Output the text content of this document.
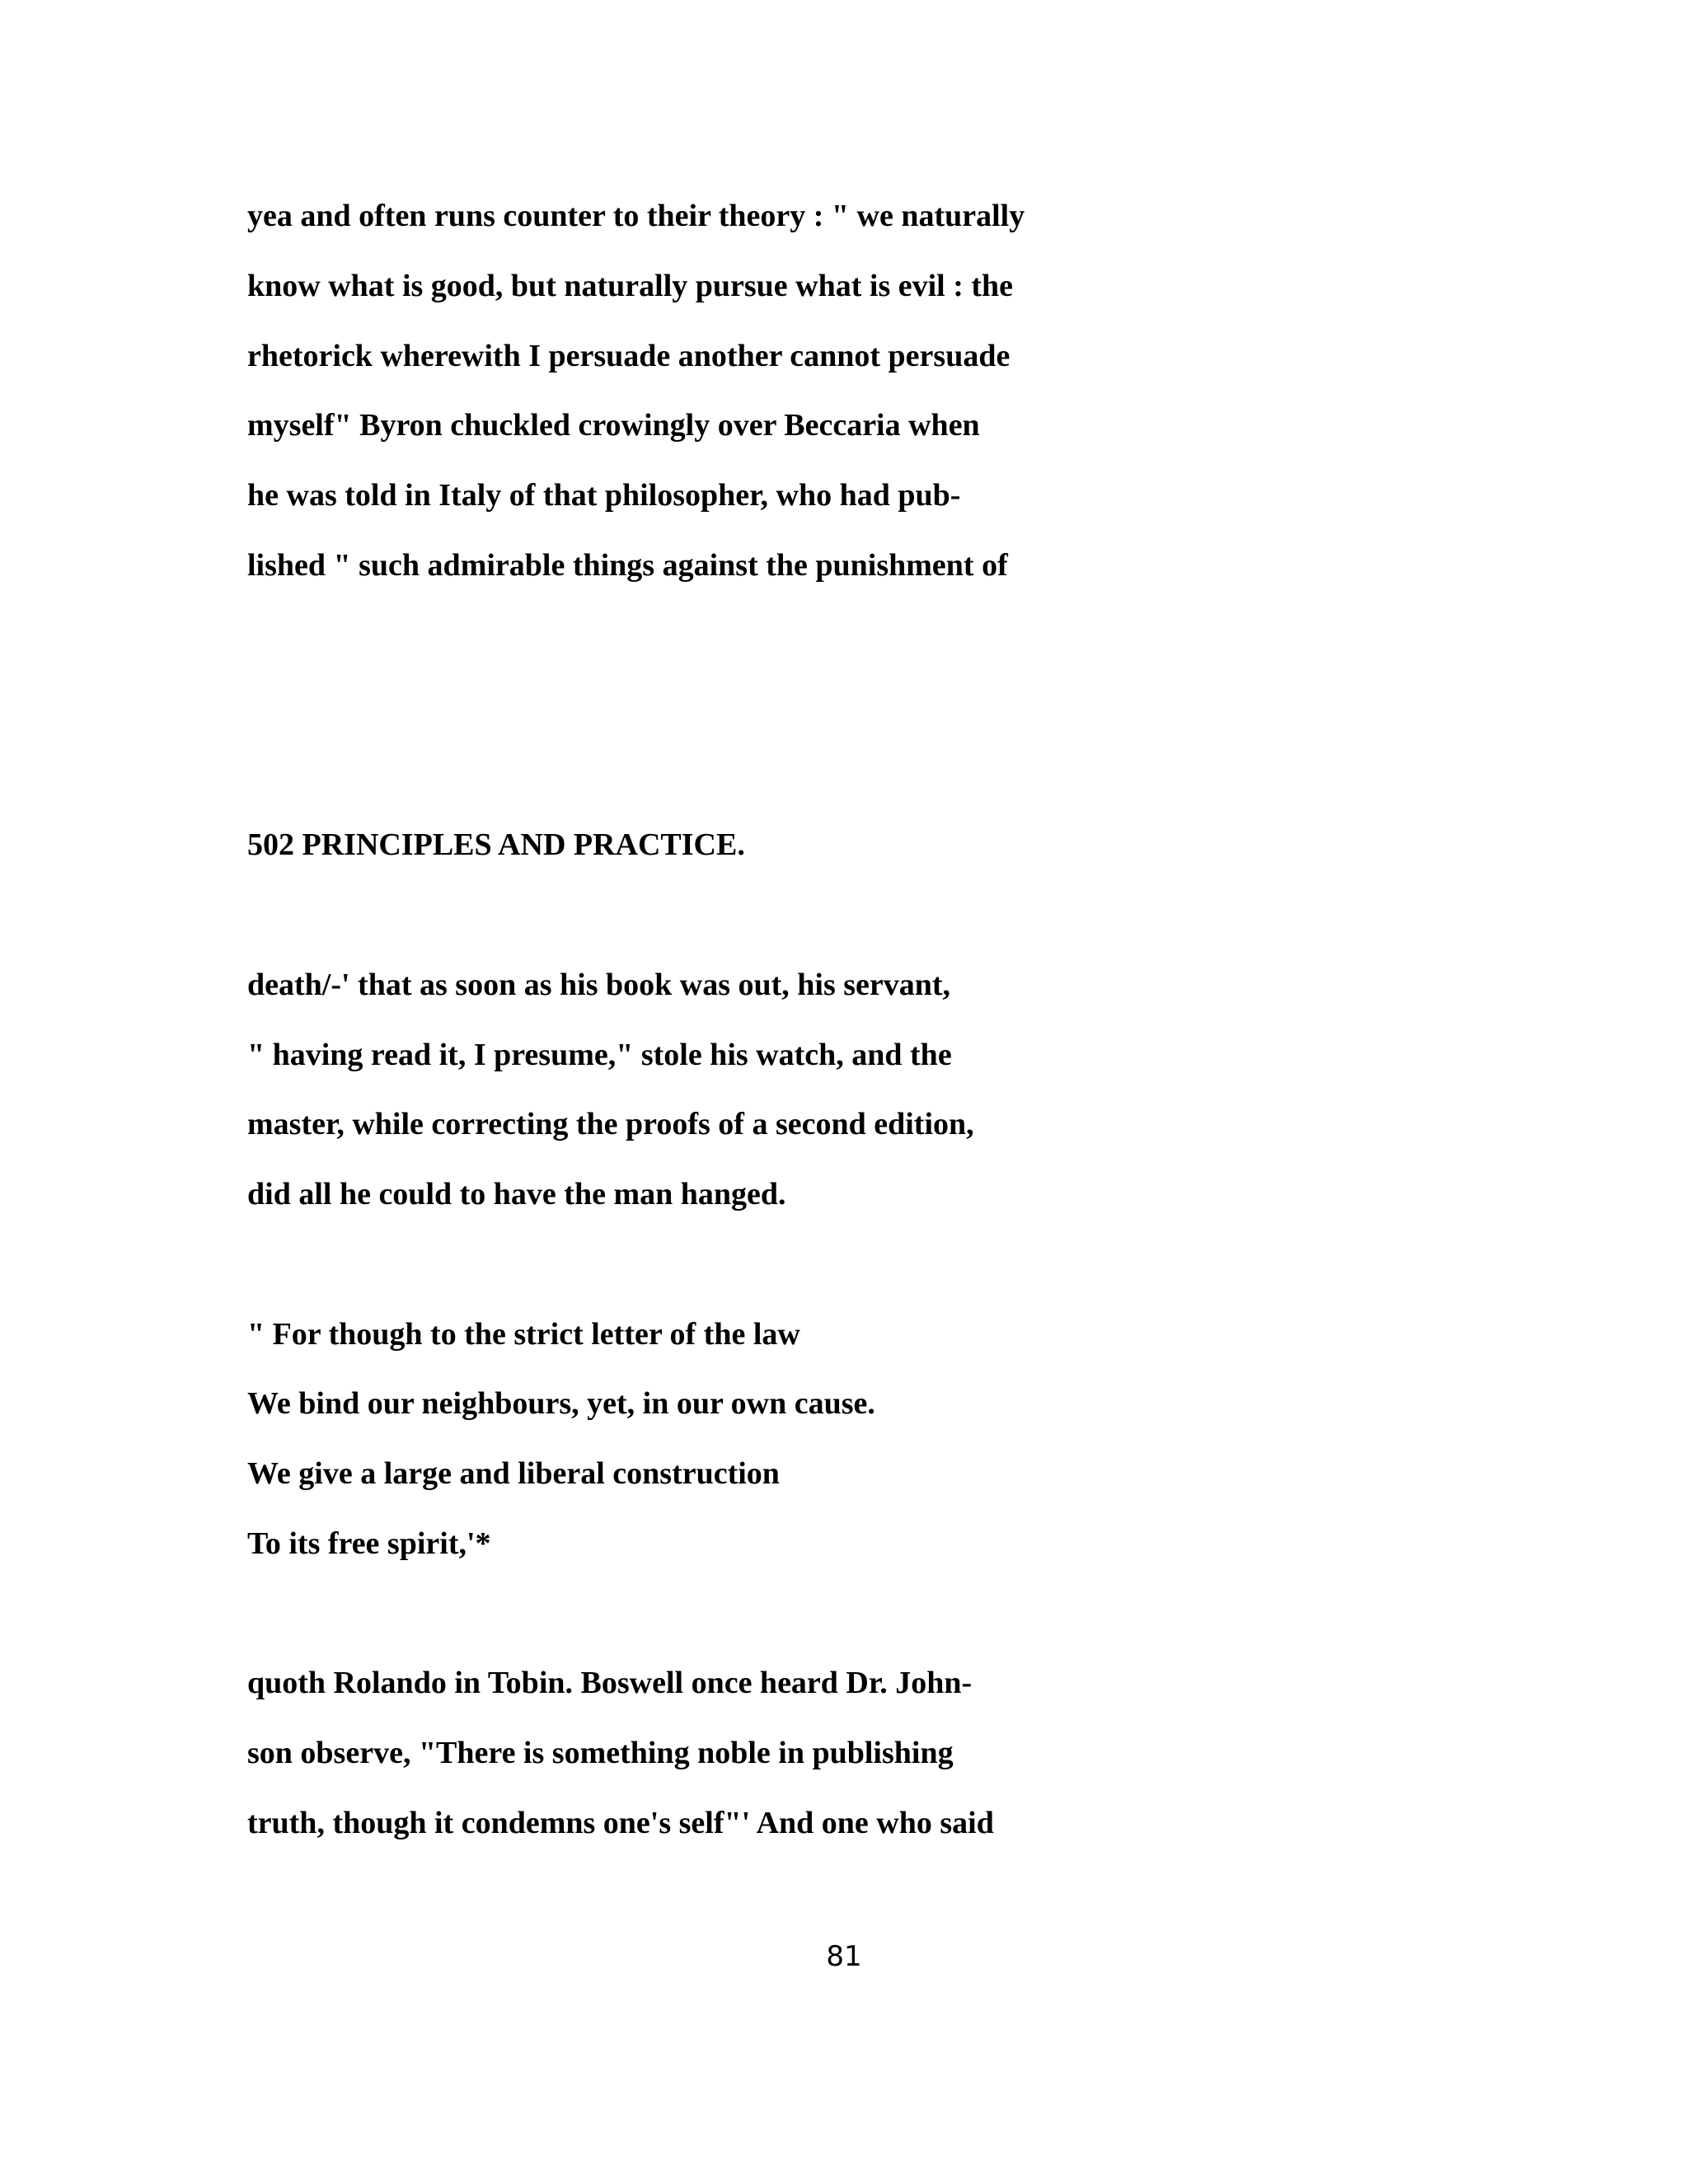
yea and often runs counter to their theory : " we naturally

know what is good, but naturally pursue what is evil : the

rhetorick wherewith I persuade another cannot persuade

myself" Byron chuckled crowingly over Beccaria when

he was told in Italy of that philosopher, who had pub-

lished " such admirable things against the punishment of

502 PRINCIPLES AND PRACTICE.

death/-' that as soon as his book was out, his servant,

" having read it, I presume," stole his watch, and the

master, while correcting the proofs of a second edition,

did all he could to have the man hanged.

" For though to the strict letter of the law

We bind our neighbours, yet, in our own cause.

We give a large and liberal construction

To its free spirit,'*

quoth Rolando in Tobin. Boswell once heard Dr. John-

son observe, "There is something noble in publishing

truth, though it condemns one's self"' And one who said

81
